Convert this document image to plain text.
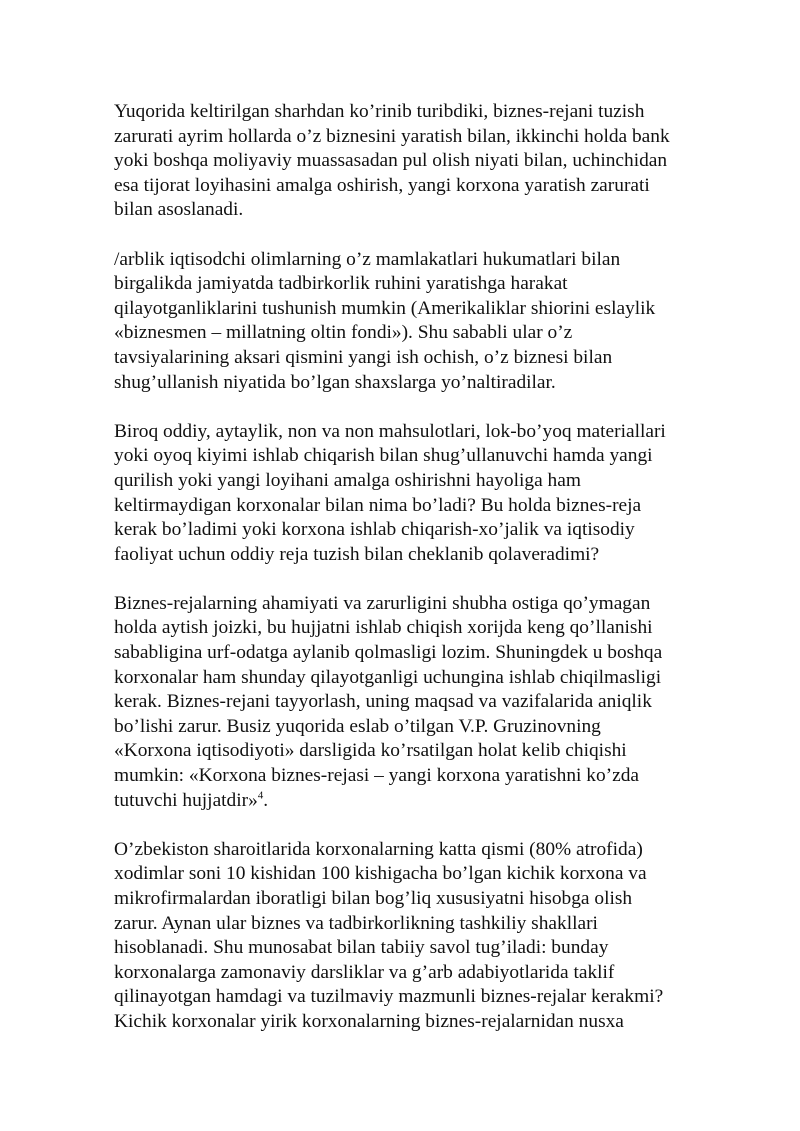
Yuqorida keltirilgan sharhdan ko’rinib turibdiki, biznes-rejani tuzish
zarurati ayrim hollarda o’z biznesini yaratish bilan, ikkinchi holda bank
yoki boshqa moliyaviy muassasadan pul olish niyati bilan, uchinchidan
esa tijorat loyihasini amalga oshirish, yangi korxona yaratish zarurati
bilan asoslanadi.

/arblik iqtisodchi olimlarning o’z mamlakatlari hukumatlari bilan
birgalikda jamiyatda tadbirkorlik ruhini yaratishga harakat
qilayotganliklarini tushunish mumkin (Amerikaliklar shiorini eslaylik
«biznesmen – millatning oltin fondi»). Shu sababli ular o’z
tavsiyalarining aksari qismini yangi ish ochish, o’z biznesi bilan
shug’ullanish niyatida bo’lgan shaxslarga yo’naltiradilar.

Biroq oddiy, aytaylik, non va non mahsulotlari, lok-bo’yoq materiallari
yoki oyoq kiyimi ishlab chiqarish bilan shug’ullanuvchi hamda yangi
qurilish yoki yangi loyihani amalga oshirishni hayoliga ham
keltirmaydigan korxonalar bilan nima bo’ladi? Bu holda biznes-reja
kerak bo’ladimi yoki korxona ishlab chiqarish-xo’jalik va iqtisodiy
faoliyat uchun oddiy reja tuzish bilan cheklanib qolaveradimi?

Biznes-rejalarning ahamiyati va zarurligini shubha ostiga qo’ymagan
holda aytish joizki, bu hujjatni ishlab chiqish xorijda keng qo’llanishi
sababligina urf-odatga aylanib qolmasligi lozim. Shuningdek u boshqa
korxonalar ham shunday qilayotganligi uchungina ishlab chiqilmasligi
kerak. Biznes-rejani tayyorlash, uning maqsad va vazifalarida aniqlik
bo’lishi zarur. Busiz yuqorida eslab o’tilgan V.P. Gruzinovning
«Korxona iqtisodiyoti» darsligida ko’rsatilgan holat kelib chiqishi
mumkin: «Korxona biznes-rejasi – yangi korxona yaratishni ko’zda
tutuvchi hujjatdir»$^4$.

O’zbekiston sharoitlarida korxonalarning katta qismi (80% atrofida)
xodimlar soni 10 kishidan 100 kishigacha bo’lgan kichik korxona va
mikrofirmalardan iboratligi bilan bog’liq xususiyatni hisobga olish
zarur. Aynan ular biznes va tadbirkorlikning tashkiliy shakllari
hisoblanadi. Shu munosabat bilan tabiiy savol tug’iladi: bunday
korxonalarga zamonaviy darsliklar va g’arb adabiyotlarida taklif
qilinayotgan hamdagi va tuzilmaviy mazmunli biznes-rejalar kerakmi?
Kichik korxonalar yirik korxonalarning biznes-rejalarnidan nusxa
